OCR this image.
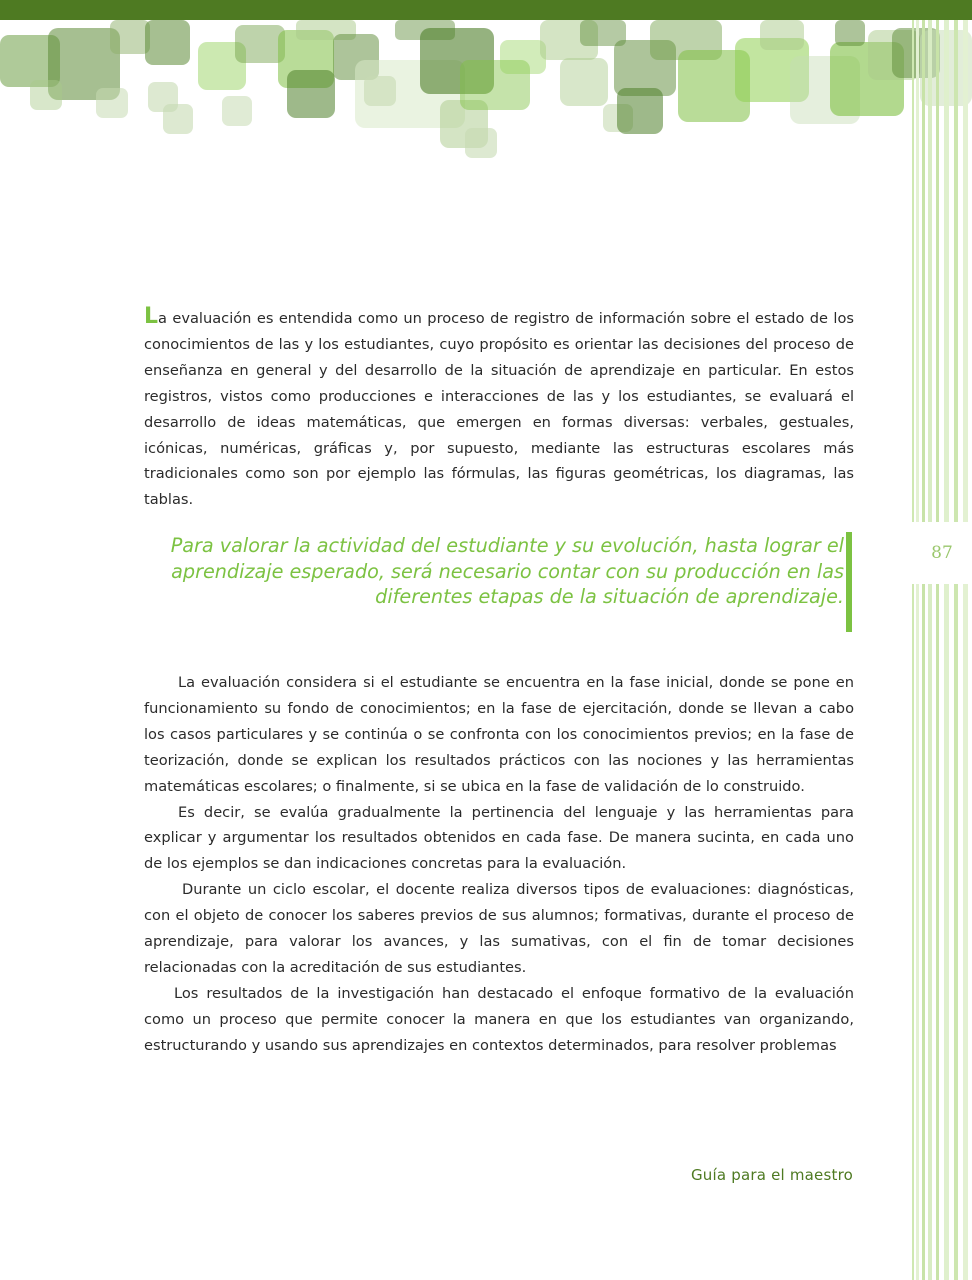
87

La evaluación es entendida como un proceso de registro de información sobre el estado de los conocimientos de las y los estudiantes, cuyo propósito es orientar las decisiones del proceso de enseñanza en general y del desarrollo de la situación de aprendizaje en particular. En estos registros, vistos como producciones e interacciones de las y los estudiantes, se evaluará el desarrollo de ideas matemáticas, que emergen en formas diversas: verbales, gestuales, icónicas, numéricas, gráficas y, por supuesto, mediante las estructuras escolares más tradicionales como son por ejemplo las fórmulas, las figuras geométricas, los diagramas, las tablas.

Para valorar la actividad del estudiante y su evolución, hasta lograr el aprendizaje esperado, será necesario contar con su producción en las diferentes etapas de la situación de aprendizaje.

La evaluación considera si el estudiante se encuentra en la fase inicial, donde se pone en funcionamiento su fondo de conocimientos; en la fase de ejercitación, donde se llevan a cabo los casos particulares y se continúa o se confronta con los conocimientos previos; en la fase de teorización, donde se explican los resultados prácticos con las nociones y las herramientas matemáticas escolares; o finalmente, si se ubica en la fase de validación de lo construido.

Es decir, se evalúa gradualmente la pertinencia del lenguaje y las herramientas para explicar y argumentar los resultados obtenidos en cada fase. De manera sucinta, en cada uno de los ejemplos se dan indicaciones concretas para la evaluación.

Durante un ciclo escolar, el docente realiza diversos tipos de evaluaciones: diagnósticas, con el objeto de conocer los saberes previos de sus alumnos; formativas, durante el proceso de aprendizaje, para valorar los avances, y las sumativas, con el fin de tomar decisiones relacionadas con la acreditación de sus estudiantes.

Los resultados de la investigación han destacado el enfoque formativo de la evaluación como un proceso que permite conocer la manera en que los estudiantes van organizando, estructurando y usando sus aprendizajes en contextos determinados, para resolver problemas

Guía para el maestro
